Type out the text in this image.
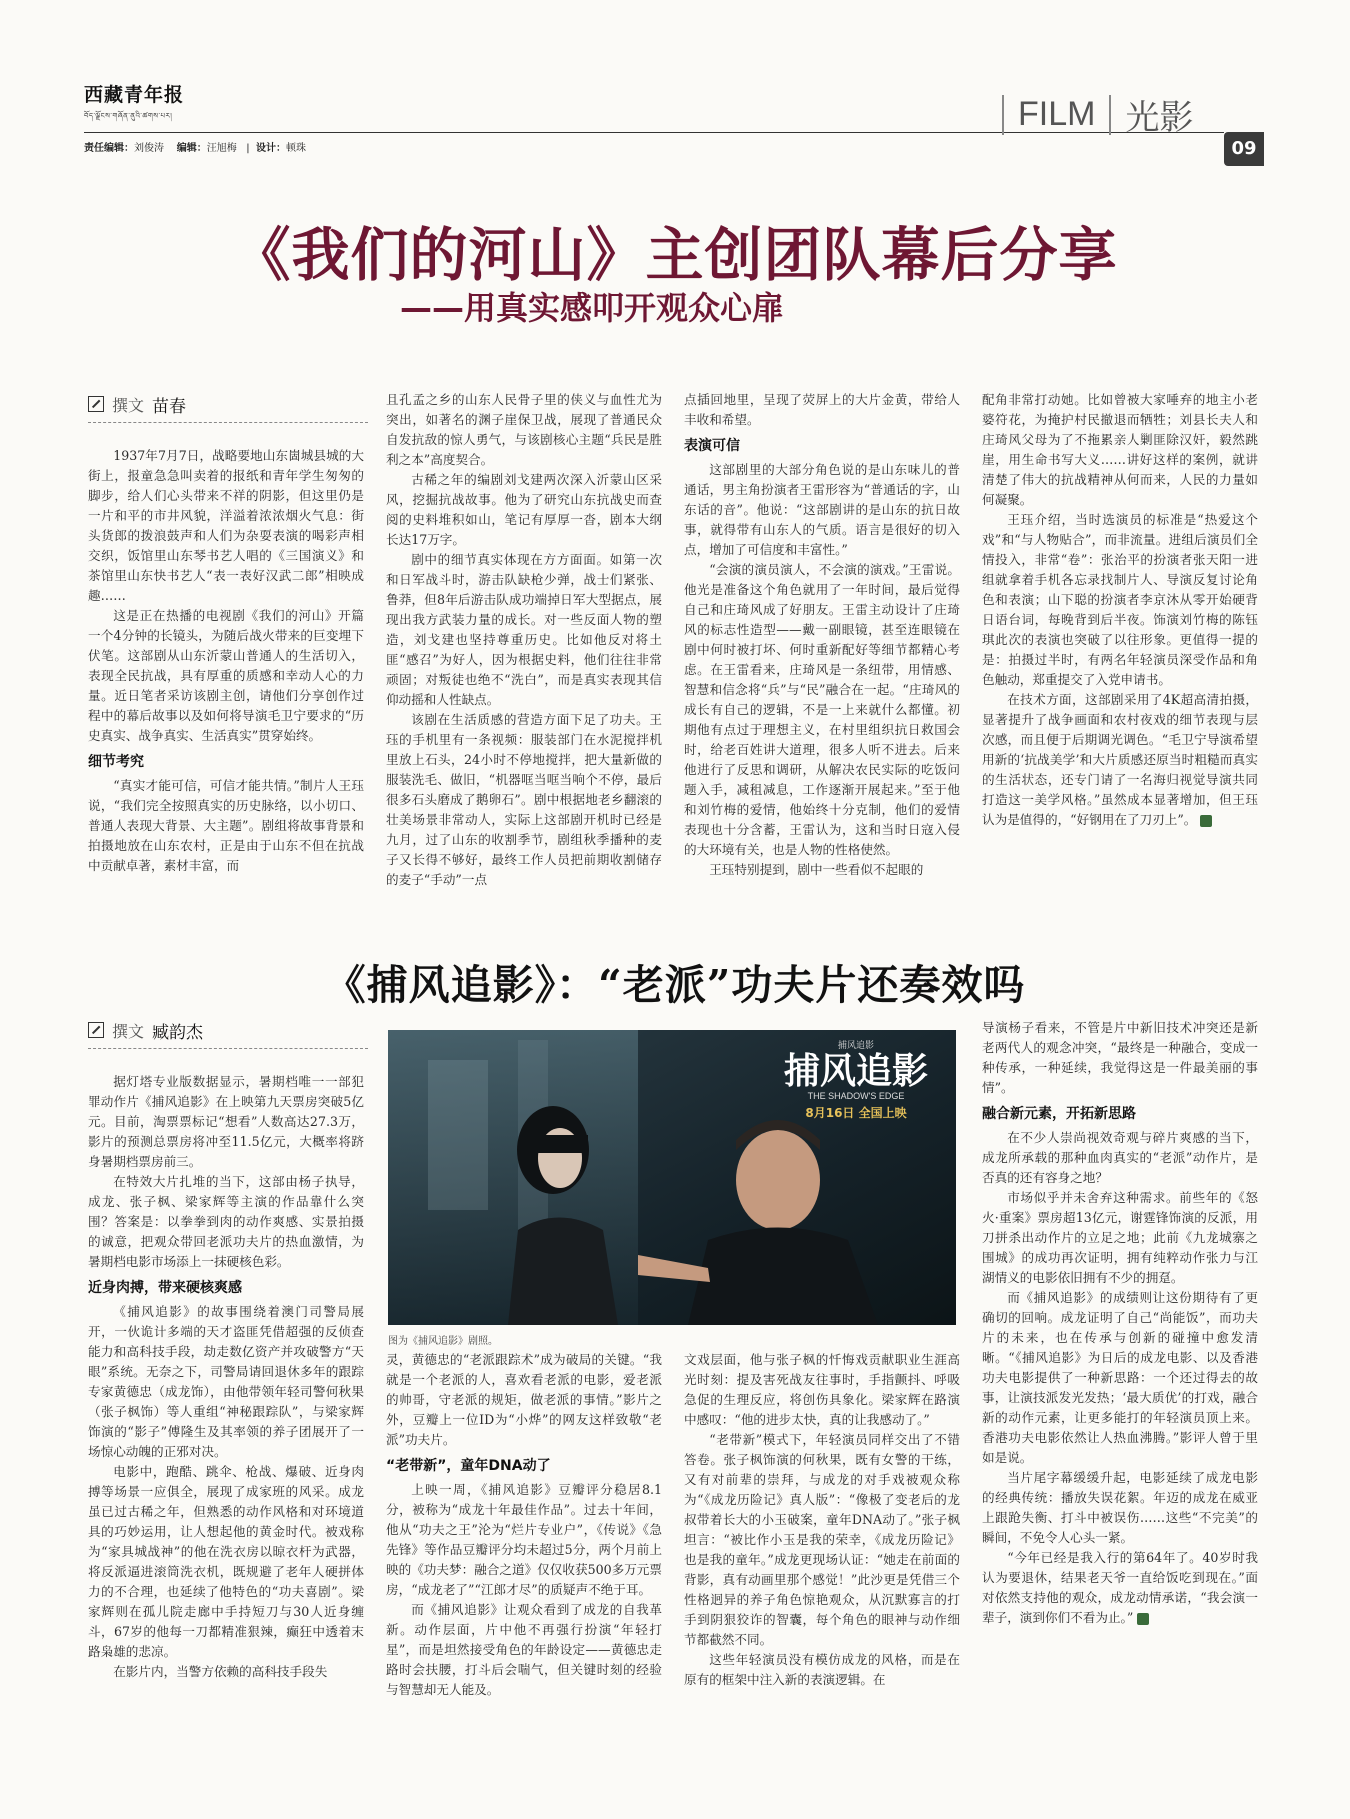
西藏青年报
བོད་ལྗོངས་གཞོན་ནུའི་ཚགས་པར།
责任编辑：刘俊涛 编辑：汪旭梅   |  设计：顿珠
FILM 光影
09
《我们的河山》主创团队幕后分享
——用真实感叩开观众心扉
撰文 苗春

1937年7月7日，战略要地山东崮城县城的大街上，报童急急叫卖着的报纸和青年学生匆匆的脚步，给人们心头带来不祥的阴影，但这里仍是一片和平的市井风貌，洋溢着浓浓烟火气息：街头货郎的拨浪鼓声和人们为杂耍表演的喝彩声相交织，饭馆里山东琴书艺人唱的《三国演义》和茶馆里山东快书艺人“表一表好汉武二郎”相映成趣……

这是正在热播的电视剧《我们的河山》开篇一个4分钟的长镜头，为随后战火带来的巨变埋下伏笔。这部剧从山东沂蒙山普通人的生活切入，表现全民抗战，具有厚重的质感和幸动人心的力量。近日笔者采访该剧主创，请他们分享创作过程中的幕后故事以及如何将导演毛卫宁要求的“历史真实、战争真实、生活真实”贯穿始终。

细节考究

“真实才能可信，可信才能共情。”制片人王珏说，“我们完全按照真实的历史脉络，以小切口、普通人表现大背景、大主题”。剧组将故事背景和拍摄地放在山东农村，正是由于山东不但在抗战中贡献卓著，素材丰富，而

且孔孟之乡的山东人民骨子里的侠义与血性尤为突出，如著名的渊子崖保卫战，展现了普通民众自发抗敌的惊人勇气，与该剧核心主题“兵民是胜利之本”高度契合。

古稀之年的编剧刘戈建两次深入沂蒙山区采风，挖掘抗战故事。他为了研究山东抗战史而查阅的史料堆积如山，笔记有厚厚一沓，剧本大纲长达17万字。

剧中的细节真实体现在方方面面。如第一次和日军战斗时，游击队缺枪少弹，战士们紧张、鲁莽，但8年后游击队成功端掉日军大型据点，展现出我方武装力量的成长。对一些反面人物的塑造，刘戈建也坚持尊重历史。比如他反对将土匪“感召”为好人，因为根据史料，他们往往非常顽固；对叛徒也绝不“洗白”，而是真实表现其信仰动摇和人性缺点。

该剧在生活质感的营造方面下足了功夫。王珏的手机里有一条视频：服装部门在水泥搅拌机里放上石头，24小时不停地搅拌，把大量新做的服装洗毛、做旧，“机器哐当哐当响个不停，最后很多石头磨成了鹅卵石”。剧中根据地老乡翻滚的壮美场景非常动人，实际上这部剧开机时已经是九月，过了山东的收割季节，剧组秋季播种的麦子又长得不够好，最终工作人员把前期收割储存的麦子“手动”一点

点插回地里，呈现了荧屏上的大片金黄，带给人丰收和希望。

表演可信

这部剧里的大部分角色说的是山东味儿的普通话，男主角扮演者王雷形容为“普通话的字，山东话的音”。他说：“这部剧讲的是山东的抗日故事，就得带有山东人的气质。语言是很好的切入点，增加了可信度和丰富性。”

“会演的演员演人，不会演的演戏。”王雷说。他光是准备这个角色就用了一年时间，最后觉得自己和庄琦风成了好朋友。王雷主动设计了庄琦风的标志性造型——戴一副眼镜，甚至连眼镜在剧中何时被打坏、何时重新配好等细节都精心考虑。在王雷看来，庄琦风是一条纽带，用情感、智慧和信念将“兵”与“民”融合在一起。“庄琦风的成长有自己的逻辑，不是一上来就什么都懂。初期他有点过于理想主义，在村里组织抗日救国会时，给老百姓讲大道理，很多人听不进去。后来他进行了反思和调研，从解决农民实际的吃饭问题入手，减租减息，工作逐渐开展起来。”至于他和刘竹梅的爱情，他始终十分克制，他们的爱情表现也十分含蓄，王雷认为，这和当时日寇入侵的大环境有关，也是人物的性格使然。

王珏特别提到，剧中一些看似不起眼的

配角非常打动她。比如曾被大家唾弃的地主小老婆符花，为掩护村民撤退而牺牲；刘县长夫人和庄琦风父母为了不拖累亲人剿匪除汉奸，毅然跳崖，用生命书写大义……讲好这样的案例，就讲清楚了伟大的抗战精神从何而来，人民的力量如何凝聚。

王珏介绍，当时选演员的标准是“热爱这个戏”和“与人物贴合”，而非流量。进组后演员们全情投入，非常“卷”：张治平的扮演者张天阳一进组就拿着手机各忘录找制片人、导演反复讨论角色和表演；山下聪的扮演者李京沐从零开始硬背日语台词，每晚背到后半夜。饰演刘竹梅的陈钰琪此次的表演也突破了以往形象。更值得一提的是：拍摄过半时，有两名年轻演员深受作品和角色触动，郑重提交了入党申请书。

在技术方面，这部剧采用了4K超高清拍摄，显著提升了战争画面和农村夜戏的细节表现与层次感，而且便于后期调光调色。“毛卫宁导演希望用新的‘抗战美学’和大片质感还原当时粗糙而真实的生活状态，还专门请了一名海归视觉导演共同打造这一美学风格。”虽然成本显著增加，但王珏认为是值得的，“好钢用在了刀刃上”。

《捕风追影》：“老派”功夫片还奏效吗
撰文 臧韵杰

据灯塔专业版数据显示，暑期档唯一一部犯罪动作片《捕风追影》在上映第九天票房突破5亿元。目前，淘票票标记“想看”人数高达27.3万，影片的预测总票房将冲至11.5亿元，大概率将跻身暑期档票房前三。

在特效大片扎堆的当下，这部由杨子执导，成龙、张子枫、梁家辉等主演的作品靠什么突围？答案是：以拳拳到肉的动作爽感、实景拍摄的诚意，把观众带回老派功夫片的热血激情，为暑期档电影市场添上一抹硬核色彩。

近身肉搏，带来硬核爽感

《捕风追影》的故事围绕着澳门司警局展开，一伙诡计多端的天才盗匪凭借超强的反侦查能力和高科技手段，劫走数亿资产并攻破警方“天眼”系统。无奈之下，司警局请回退休多年的跟踪专家黄德忠（成龙饰），由他带领年轻司警何秋果（张子枫饰）等人重组“神秘跟踪队”，与梁家辉饰演的“影子”傅隆生及其率领的养子团展开了一场惊心动魄的正邪对决。

电影中，跑酷、跳伞、枪战、爆破、近身肉搏等场景一应俱全，展现了成家班的风采。成龙虽已过古稀之年，但熟悉的动作风格和对环境道具的巧妙运用，让人想起他的黄金时代。被戏称为“家具城战神”的他在洗衣房以晾衣杆为武器，将反派逼进滚筒洗衣机，既规避了老年人硬拼体力的不合理，也延续了他特色的“功夫喜剧”。梁家辉则在孤儿院走廊中手持短刀与30人近身缠斗，67岁的他每一刀都精准狠辣，癫狂中透着末路枭雄的悲凉。

在影片内，当警方依赖的高科技手段失

捕风追影
捕风追影
THE SHADOW'S EDGE
8月16日 全国上映
图为《捕风追影》剧照。

灵，黄德忠的“老派跟踪术”成为破局的关键。“我就是一个老派的人，喜欢看老派的电影，爱老派的帅哥，守老派的规矩，做老派的事情。”影片之外，豆瓣上一位ID为“小烨”的网友这样致敬“老派”功夫片。

“老带新”，童年DNA动了

上映一周，《捕风追影》豆瓣评分稳居8.1分，被称为“成龙十年最佳作品”。过去十年间，他从“功夫之王”沦为“烂片专业户”，《传说》《急先锋》等作品豆瓣评分均未超过5分，两个月前上映的《功夫梦：融合之道》仅仅收获500多万元票房，“成龙老了”“江郎才尽”的质疑声不绝于耳。

而《捕风追影》让观众看到了成龙的自我革新。动作层面，片中他不再强行扮演“年轻打星”，而是坦然接受角色的年龄设定——黄德忠走路时会扶腰，打斗后会喘气，但关键时刻的经验与智慧却无人能及。

文戏层面，他与张子枫的忏悔戏贡献职业生涯高光时刻：提及害死战友往事时，手指颤抖、呼吸急促的生理反应，将创伤具象化。梁家辉在路演中感叹：“他的进步太快，真的让我感动了。”

“老带新”模式下，年轻演员同样交出了不错答卷。张子枫饰演的何秋果，既有女警的干练，又有对前辈的崇拜，与成龙的对手戏被观众称为“《成龙历险记》真人版”：“像极了变老后的龙叔带着长大的小玉破案，童年DNA动了。”张子枫坦言：“被比作小玉是我的荣幸，《成龙历险记》也是我的童年。”成龙更现场认证：“她走在前面的背影，真有动画里那个感觉！”此沙更是凭借三个性格迥异的养子角色惊艳观众，从沉默寡言的打手到阴狠狡诈的智囊，每个角色的眼神与动作细节都截然不同。

这些年轻演员没有模仿成龙的风格，而是在原有的框架中注入新的表演逻辑。在

导演杨子看来，不管是片中新旧技术冲突还是新老两代人的观念冲突，“最终是一种融合，变成一种传承，一种延续，我觉得这是一件最美丽的事情”。

融合新元素，开拓新思路

在不少人崇尚视效奇观与碎片爽感的当下，成龙所承载的那种血肉真实的“老派”动作片，是否真的还有容身之地？

市场似乎并未舍弃这种需求。前些年的《怒火·重案》票房超13亿元，谢霆锋饰演的反派，用刀拼杀出动作片的立足之地；此前《九龙城寨之围城》的成功再次证明，拥有纯粹动作张力与江湖情义的电影依旧拥有不少的拥趸。

而《捕风追影》的成绩则让这份期待有了更确切的回响。成龙证明了自己“尚能饭”，而功夫片的未来，也在传承与创新的碰撞中愈发清晰。“《捕风追影》为日后的成龙电影、以及香港功夫电影提供了一种新思路：一个还过得去的故事，让演技派发光发热；‘最大质优’的打戏，融合新的动作元素，让更多能打的年轻演员顶上来。香港功夫电影依然让人热血沸腾。”影评人曾于里如是说。

当片尾字幕缓缓升起，电影延续了成龙电影的经典传统：播放失误花絮。年迈的成龙在威亚上跟跄失衡、打斗中被误伤……这些“不完美”的瞬间，不免令人心头一紧。

“今年已经是我入行的第64年了。40岁时我认为要退休，结果老天爷一直给饭吃到现在。”面对依然支持他的观众，成龙动情承诺，“我会演一辈子，演到你们不看为止。”
